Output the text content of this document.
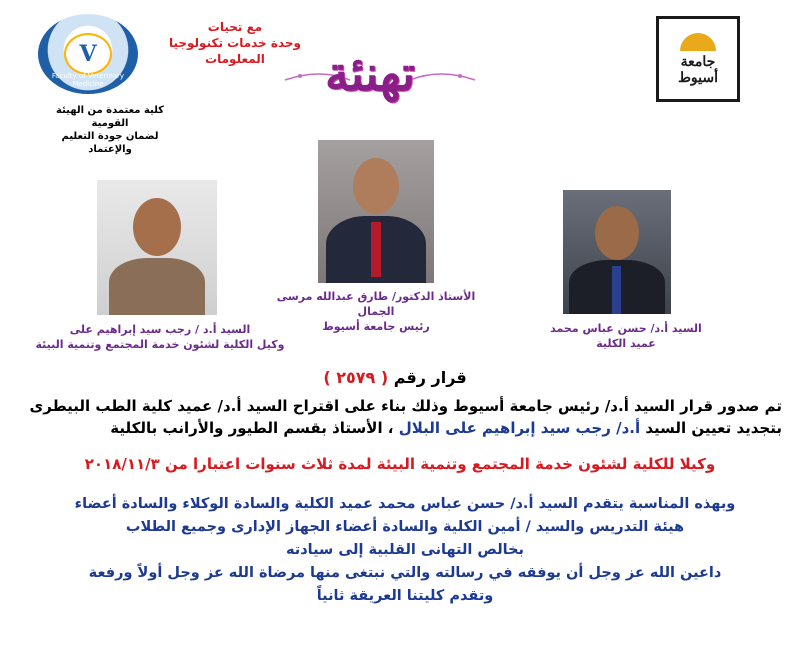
V
Faculty of Veterinary Medicine
كلية معتمدة من الهيئة القومية
لضمان جودة التعليم والإعتماد
مع تحيات
وحدة خدمات تكنولوجيا المعلومات	تهنئة	جامعة
أسيوط
السيد أ.د / رجب سيد إبراهيم على
وكيل الكلية لشئون خدمة المجتمع وتنمية البيئة
الأستاذ الدكتور/ طارق عبدالله مرسى الجمال
رئيس جامعة أسيوط	السيد أ.د/ حسن عباس محمد
عميد الكلية
قرار رقم ( ٢٥٧٩ )
تم صدور قرار السيد أ.د/ رئيس جامعة أسيوط وذلك بناء على اقتراح السيد أ.د/ عميد كلية الطب البيطرى
بتجديد تعيين السيد أ.د/ رجب سيد إبراهيم على البلال ، الأستاذ بقسم الطيور والأرانب بالكلية
وكيلا للكلية لشئون خدمة المجتمع وتنمية البيئة لمدة ثلاث سنوات اعتبارا من ٢٠١٨/١١/٣
وبهذه المناسبة يتقدم السيد أ.د/ حسن عباس محمد عميد الكلية والسادة الوكلاء والسادة أعضاء
هيئة التدريس والسيد / أمين الكلية والسادة أعضاء الجهاز الإدارى وجميع الطلاب
بخالص التهانى القلبية إلى سيادته
داعين الله عز وجل أن يوفقه في رسالته والتي نبتغى منها مرضاة الله عز وجل أولاً ورفعة
وتقدم كليتنا العريقة ثانياً
